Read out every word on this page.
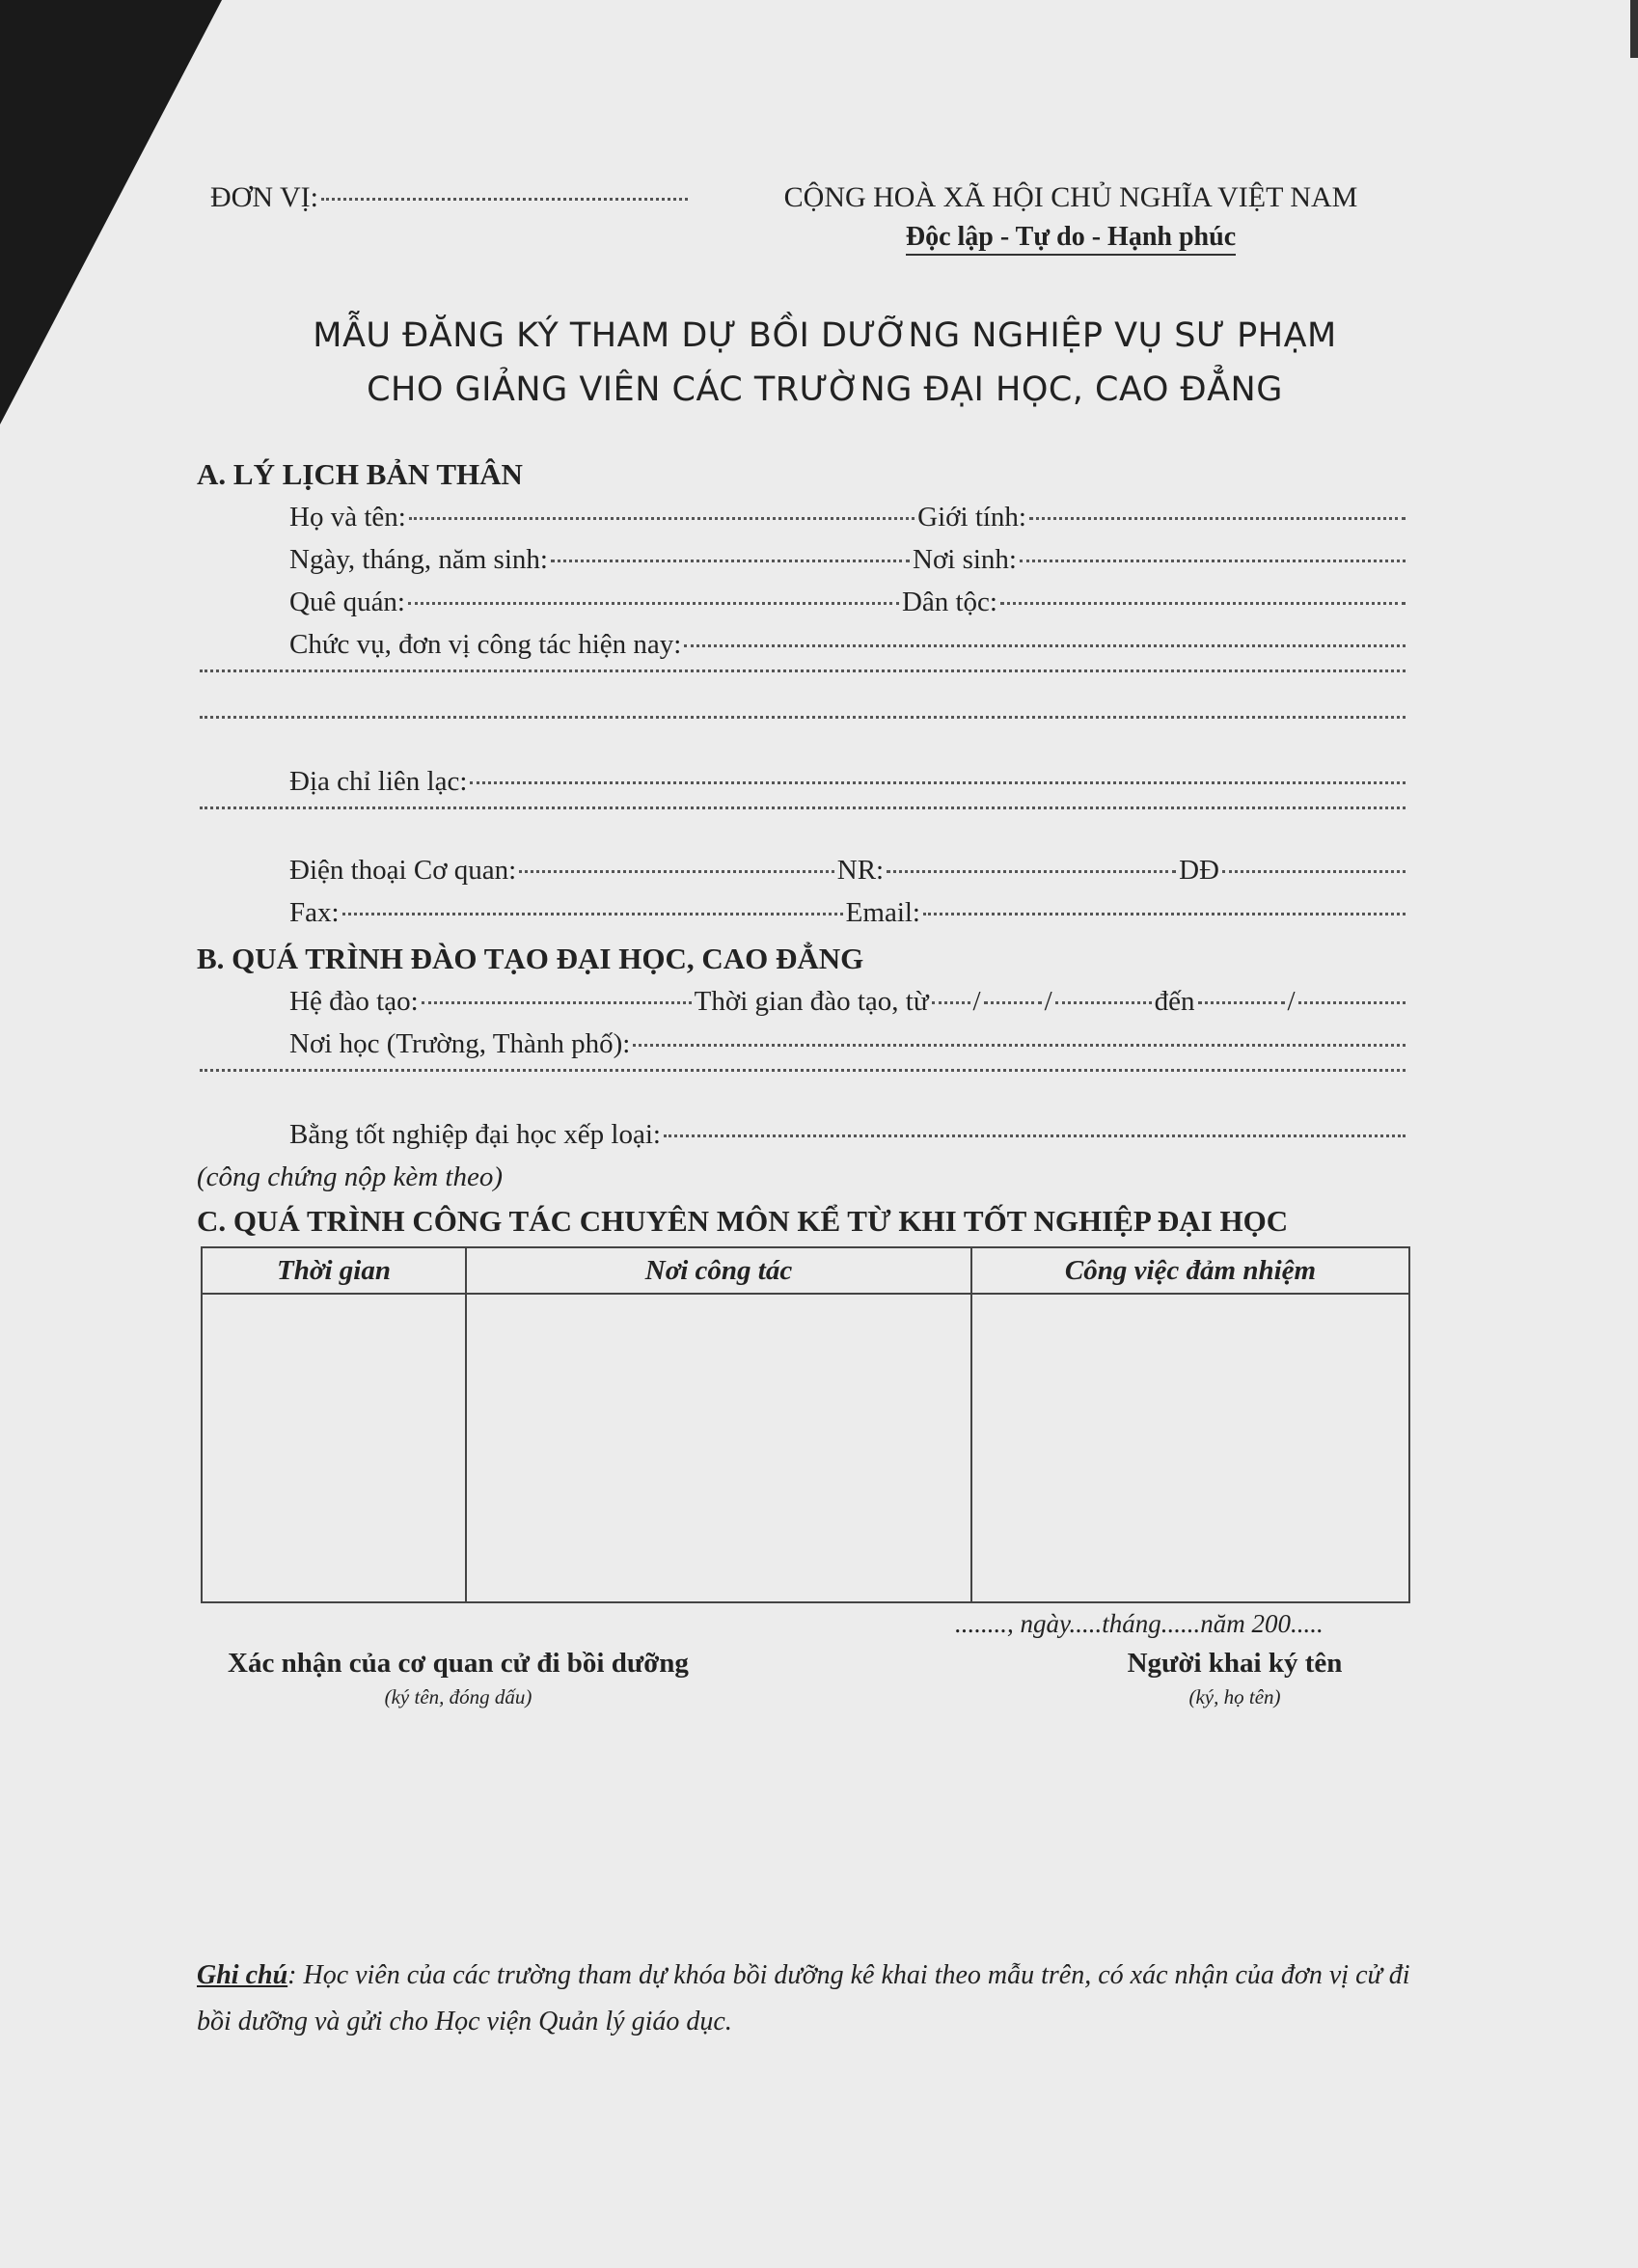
ĐƠN VỊ:	CỘNG HOÀ XÃ HỘI CHỦ NGHĨA VIỆT NAM
Độc lập - Tự do - Hạnh phúc
MẪU ĐĂNG KÝ THAM DỰ BỒI DƯỠNG NGHIỆP VỤ SƯ PHẠM
CHO GIẢNG VIÊN CÁC TRƯỜNG ĐẠI HỌC, CAO ĐẲNG
A. LÝ LỊCH BẢN THÂN
Họ và tên:	Giới tính:
Ngày, tháng, năm sinh:	Nơi sinh:
Quê quán:	Dân tộc:
Chức vụ, đơn vị công tác hiện nay:
Địa chỉ liên lạc:
Điện thoại Cơ quan:	NR:	DĐ
Fax:	Email:
B. QUÁ TRÌNH ĐÀO TẠO ĐẠI HỌC, CAO ĐẲNG
Hệ đào tạo:	Thời gian đào tạo, từ / /	đến	/
Nơi học (Trường, Thành phố):
Bằng tốt nghiệp đại học xếp loại:
(công chứng nộp kèm theo)
C. QUÁ TRÌNH CÔNG TÁC CHUYÊN MÔN KỂ TỪ KHI TỐT NGHIỆP ĐẠI HỌC
Thời gian	Nơi công tác	Công việc đảm nhiệm

........, ngày.....tháng......năm 200.....
Xác nhận của cơ quan cử đi bồi dưỡng
(ký tên, đóng dấu)
Người khai ký tên
(ký, họ tên)
Ghi chú: Học viên của các trường tham dự khóa bồi dưỡng kê khai theo mẫu trên, có xác nhận của đơn vị cử đi bồi dưỡng và gửi cho Học viện Quản lý giáo dục.
